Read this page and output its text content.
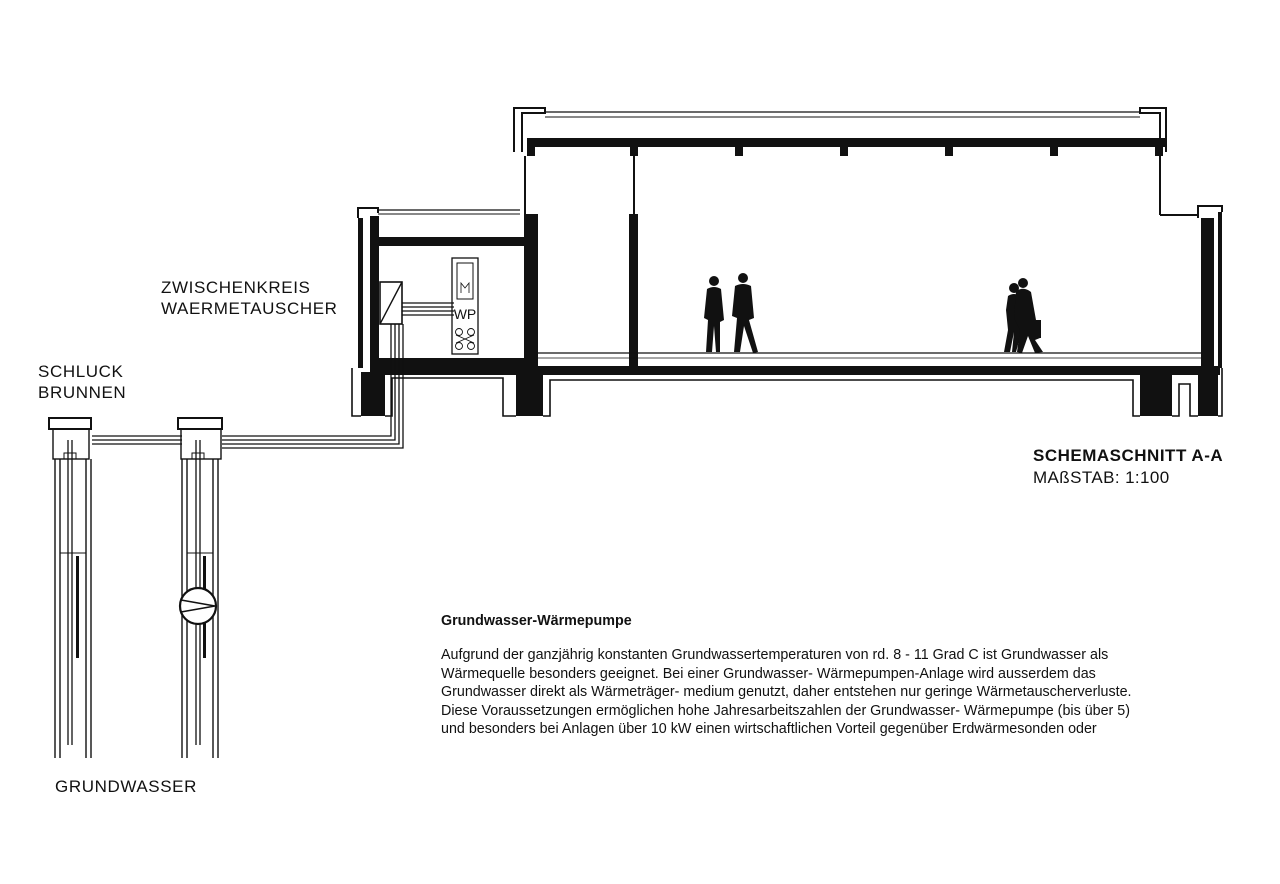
WP
ZWISCHENKREIS
WAERMETAUSCHER
SCHLUCK
BRUNNEN
GRUNDWASSER
SCHEMASCHNITT A-A
MAßSTAB: 1:100
Grundwasser-Wärmepumpe
Aufgrund der ganzjährig konstanten Grundwassertemperaturen von rd. 8 - 11 Grad C ist Grundwasser als
Wärmequelle besonders geeignet. Bei einer Grundwasser- Wärmepumpen-Anlage wird ausserdem das
Grundwasser direkt als Wärmeträger- medium genutzt, daher entstehen nur geringe Wärmetauscherverluste.
Diese Voraussetzungen ermöglichen hohe Jahresarbeitszahlen der Grundwasser- Wärmepumpe (bis über 5)
und besonders bei Anlagen über 10 kW einen wirtschaftlichen Vorteil gegenüber Erdwärmesonden oder
